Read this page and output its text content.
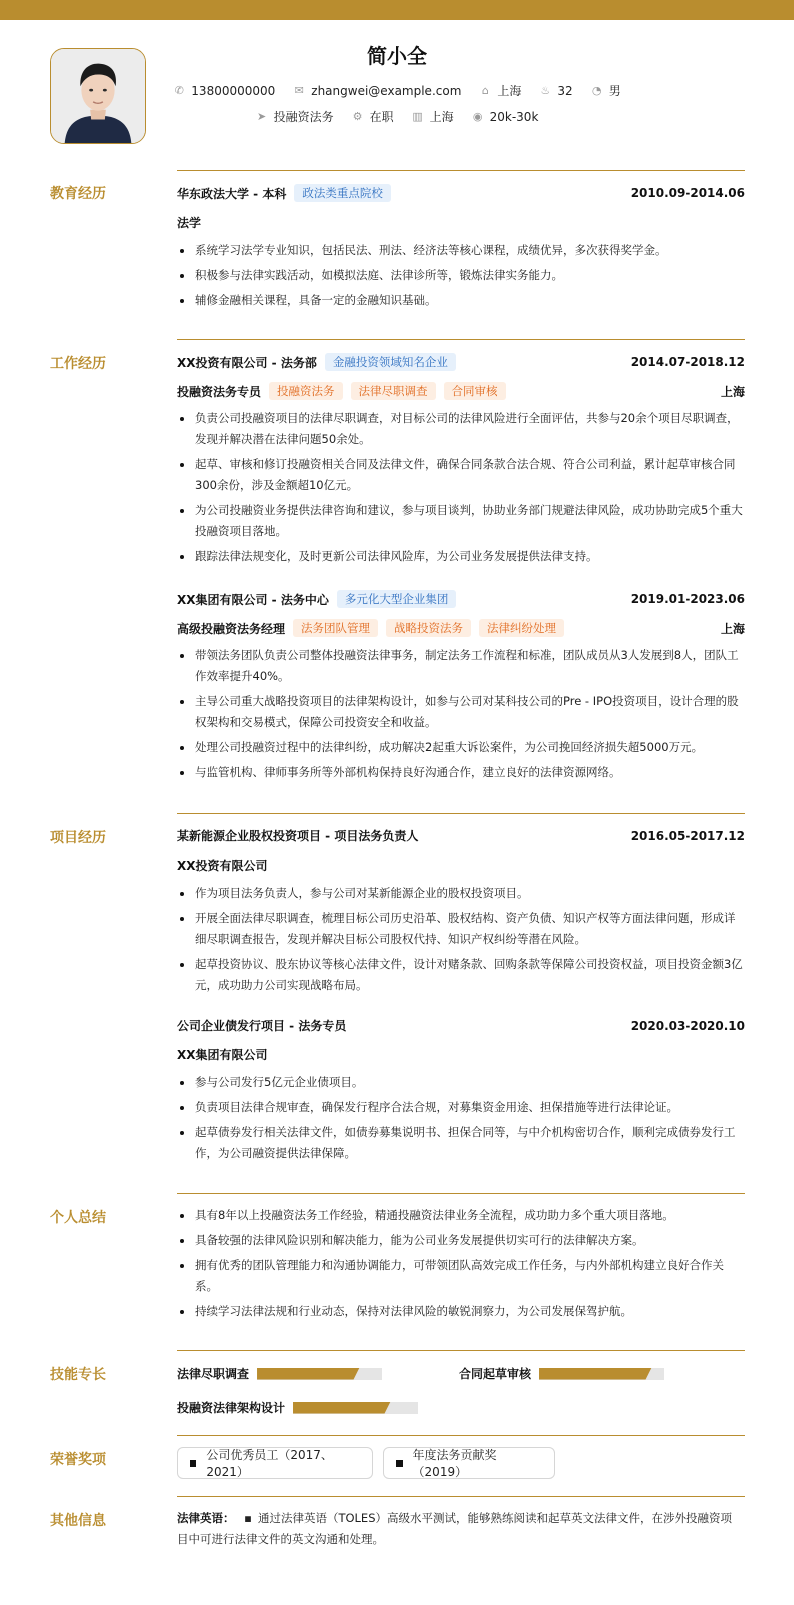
简小全
✆ 13800000000 ✉ zhangwei@example.com ⌂ 上海 ♨ 32 ◔ 男
➤ 投融资法务 ⚙ 在职 ▥ 上海 ◉ 20k-30k
教育经历	华东政法大学 - 本科	政法类重点院校	2010.09-2014.06
法学
系统学习法学专业知识，包括民法、刑法、经济法等核心课程，成绩优异，多次获得奖学金。
积极参与法律实践活动，如模拟法庭、法律诊所等，锻炼法律实务能力。
辅修金融相关课程，具备一定的金融知识基础。
工作经历	XX投资有限公司 - 法务部	金融投资领域知名企业	2014.07-2018.12
投融资法务专员	投融资法务	法律尽职调查	合同审核	上海
负责公司投融资项目的法律尽职调查，对目标公司的法律风险进行全面评估，共参与20余个项目尽职调查，发现并解决潜在法律问题50余处。
起草、审核和修订投融资相关合同及法律文件，确保合同条款合法合规、符合公司利益，累计起草审核合同300余份，涉及金额超10亿元。
为公司投融资业务提供法律咨询和建议，参与项目谈判，协助业务部门规避法律风险，成功协助完成5个重大投融资项目落地。
跟踪法律法规变化，及时更新公司法律风险库，为公司业务发展提供法律支持。
XX集团有限公司 - 法务中心	多元化大型企业集团	2019.01-2023.06
高级投融资法务经理	法务团队管理	战略投资法务	法律纠纷处理	上海
带领法务团队负责公司整体投融资法律事务，制定法务工作流程和标准，团队成员从3人发展到8人，团队工作效率提升40%。
主导公司重大战略投资项目的法律架构设计，如参与公司对某科技公司的Pre - IPO投资项目，设计合理的股权架构和交易模式，保障公司投资安全和收益。
处理公司投融资过程中的法律纠纷，成功解决2起重大诉讼案件，为公司挽回经济损失超5000万元。
与监管机构、律师事务所等外部机构保持良好沟通合作，建立良好的法律资源网络。
项目经历	某新能源企业股权投资项目 - 项目法务负责人	2016.05-2017.12
XX投资有限公司
作为项目法务负责人，参与公司对某新能源企业的股权投资项目。
开展全面法律尽职调查，梳理目标公司历史沿革、股权结构、资产负债、知识产权等方面法律问题，形成详细尽职调查报告，发现并解决目标公司股权代持、知识产权纠纷等潜在风险。
起草投资协议、股东协议等核心法律文件，设计对赌条款、回购条款等保障公司投资权益，项目投资金额3亿元，成功助力公司实现战略布局。
公司企业债发行项目 - 法务专员	2020.03-2020.10
XX集团有限公司
参与公司发行5亿元企业债项目。
负责项目法律合规审查，确保发行程序合法合规，对募集资金用途、担保措施等进行法律论证。
起草债券发行相关法律文件，如债券募集说明书、担保合同等，与中介机构密切合作，顺利完成债券发行工作，为公司融资提供法律保障。
个人总结	具有8年以上投融资法务工作经验，精通投融资法律业务全流程，成功助力多个重大项目落地。
具备较强的法律风险识别和解决能力，能为公司业务发展提供切实可行的法律解决方案。
拥有优秀的团队管理能力和沟通协调能力，可带领团队高效完成工作任务，与内外部机构建立良好合作关系。
持续学习法律法规和行业动态，保持对法律风险的敏锐洞察力，为公司发展保驾护航。
技能专长	法律尽职调查	合同起草审核
投融资法律架构设计
荣誉奖项	公司优秀员工（2017、2021）
年度法务贡献奖（2019）
其他信息	法律英语： ▪ 通过法律英语（TOLES）高级水平测试，能够熟练阅读和起草英文法律文件，在涉外投融资项目中可进行法律文件的英文沟通和处理。
